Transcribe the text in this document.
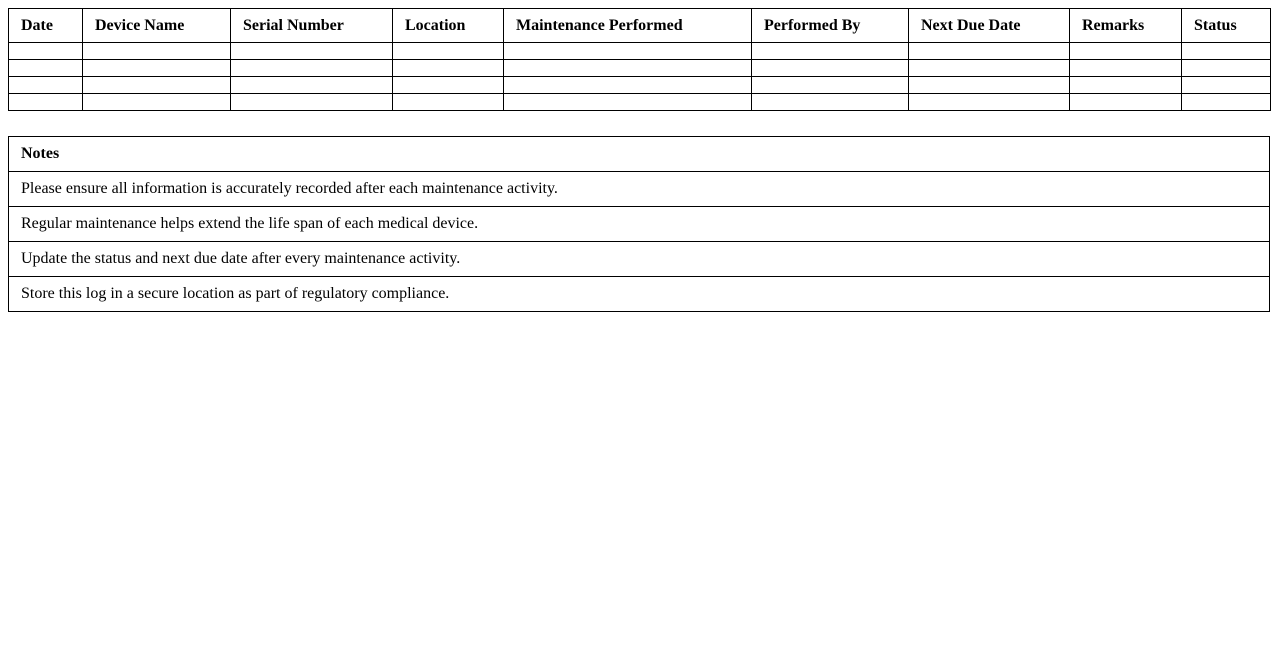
Date	Device Name	Serial Number	Location	Maintenance Performed	Performed By	Next Due Date	Remarks	Status

Notes
Please ensure all information is accurately recorded after each maintenance activity.
Regular maintenance helps extend the life span of each medical device.
Update the status and next due date after every maintenance activity.
Store this log in a secure location as part of regulatory compliance.
